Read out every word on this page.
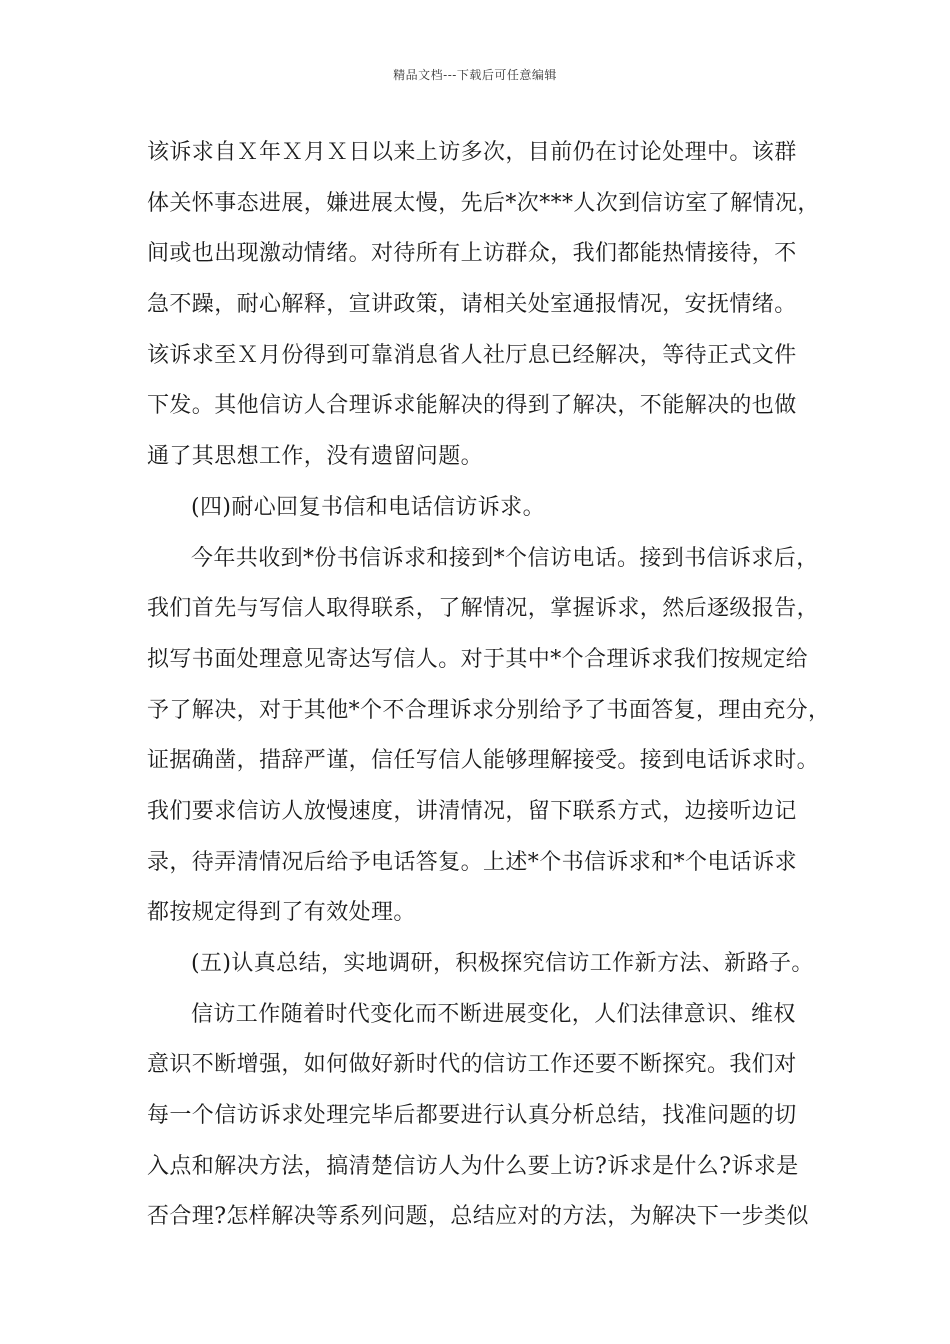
精品文档---下载后可任意编辑
该诉求自Ｘ年Ｘ月Ｘ日以来上访多次，目前仍在讨论处理中。该群
体关怀事态进展，嫌进展太慢，先后*次***人次到信访室了解情况，
间或也出现激动情绪。对待所有上访群众，我们都能热情接待，不
急不躁，耐心解释，宣讲政策，请相关处室通报情况，安抚情绪。
该诉求至Ｘ月份得到可靠消息省人社厅息已经解决，等待正式文件
下发。其他信访人合理诉求能解决的得到了解决，不能解决的也做
通了其思想工作，没有遗留问题。
(四)耐心回复书信和电话信访诉求。
今年共收到*份书信诉求和接到*个信访电话。接到书信诉求后，
我们首先与写信人取得联系，了解情况，掌握诉求，然后逐级报告，
拟写书面处理意见寄达写信人。对于其中*个合理诉求我们按规定给
予了解决，对于其他*个不合理诉求分别给予了书面答复，理由充分，
证据确凿，措辞严谨，信任写信人能够理解接受。接到电话诉求时。
我们要求信访人放慢速度，讲清情况，留下联系方式，边接听边记
录，待弄清情况后给予电话答复。上述*个书信诉求和*个电话诉求
都按规定得到了有效处理。
(五)认真总结，实地调研，积极探究信访工作新方法、新路子。
信访工作随着时代变化而不断进展变化，人们法律意识、维权
意识不断增强，如何做好新时代的信访工作还要不断探究。我们对
每一个信访诉求处理完毕后都要进行认真分析总结，找准问题的切
入点和解决方法，搞清楚信访人为什么要上访?诉求是什么?诉求是
否合理?怎样解决等系列问题，总结应对的方法，为解决下一步类似
